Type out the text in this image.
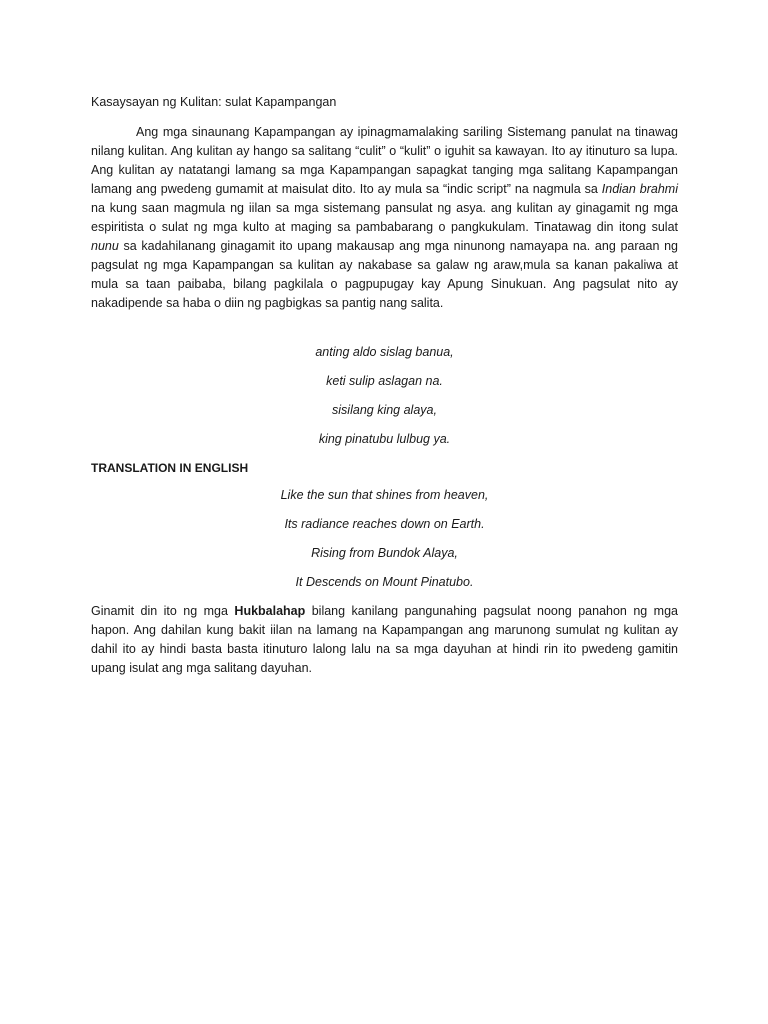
Kasaysayan ng Kulitan: sulat Kapampangan

Ang mga sinaunang Kapampangan ay ipinagmamalaking sariling Sistemang panulat na tinawag nilang kulitan. Ang kulitan ay hango sa salitang “culit” o “kulit” o iguhit sa kawayan. Ito ay itinuturo sa lupa. Ang kulitan ay natatangi lamang sa mga Kapampangan sapagkat tanging mga salitang Kapampangan lamang ang pwedeng gumamit at maisulat dito. Ito ay mula sa “indic script” na nagmula sa Indian brahmi na kung saan magmula ng iilan sa mga sistemang pansulat ng asya. ang kulitan ay ginagamit ng mga espiritista o sulat ng mga kulto at maging sa pambabarang o pangkukulam. Tinatawag din itong sulat nunu sa kadahilanang ginagamit ito upang makausap ang mga ninunong namayapa na. ang paraan ng pagsulat ng mga Kapampangan sa kulitan ay nakabase sa galaw ng araw,mula sa kanan pakaliwa at mula sa taan paibaba, bilang pagkilala o pagpupugay kay Apung Sinukuan. Ang pagsulat nito ay nakadipende sa haba o diin ng pagbigkas sa pantig nang salita.

anting aldo sislag banua,
keti sulip aslagan na.
sisilang king alaya,
king pinatubu lulbug ya.

TRANSLATION IN ENGLISH

Like the sun that shines from heaven,
Its radiance reaches down on Earth.
Rising from Bundok Alaya,
It Descends on Mount Pinatubo.

Ginamit din ito ng mga Hukbalahap bilang kanilang pangunahing pagsulat noong panahon ng mga hapon. Ang dahilan kung bakit iilan na lamang na Kapampangan ang marunong sumulat ng kulitan ay dahil ito ay hindi basta basta itinuturo lalong lalu na sa mga dayuhan at hindi rin ito pwedeng gamitin upang isulat ang mga salitang dayuhan.
